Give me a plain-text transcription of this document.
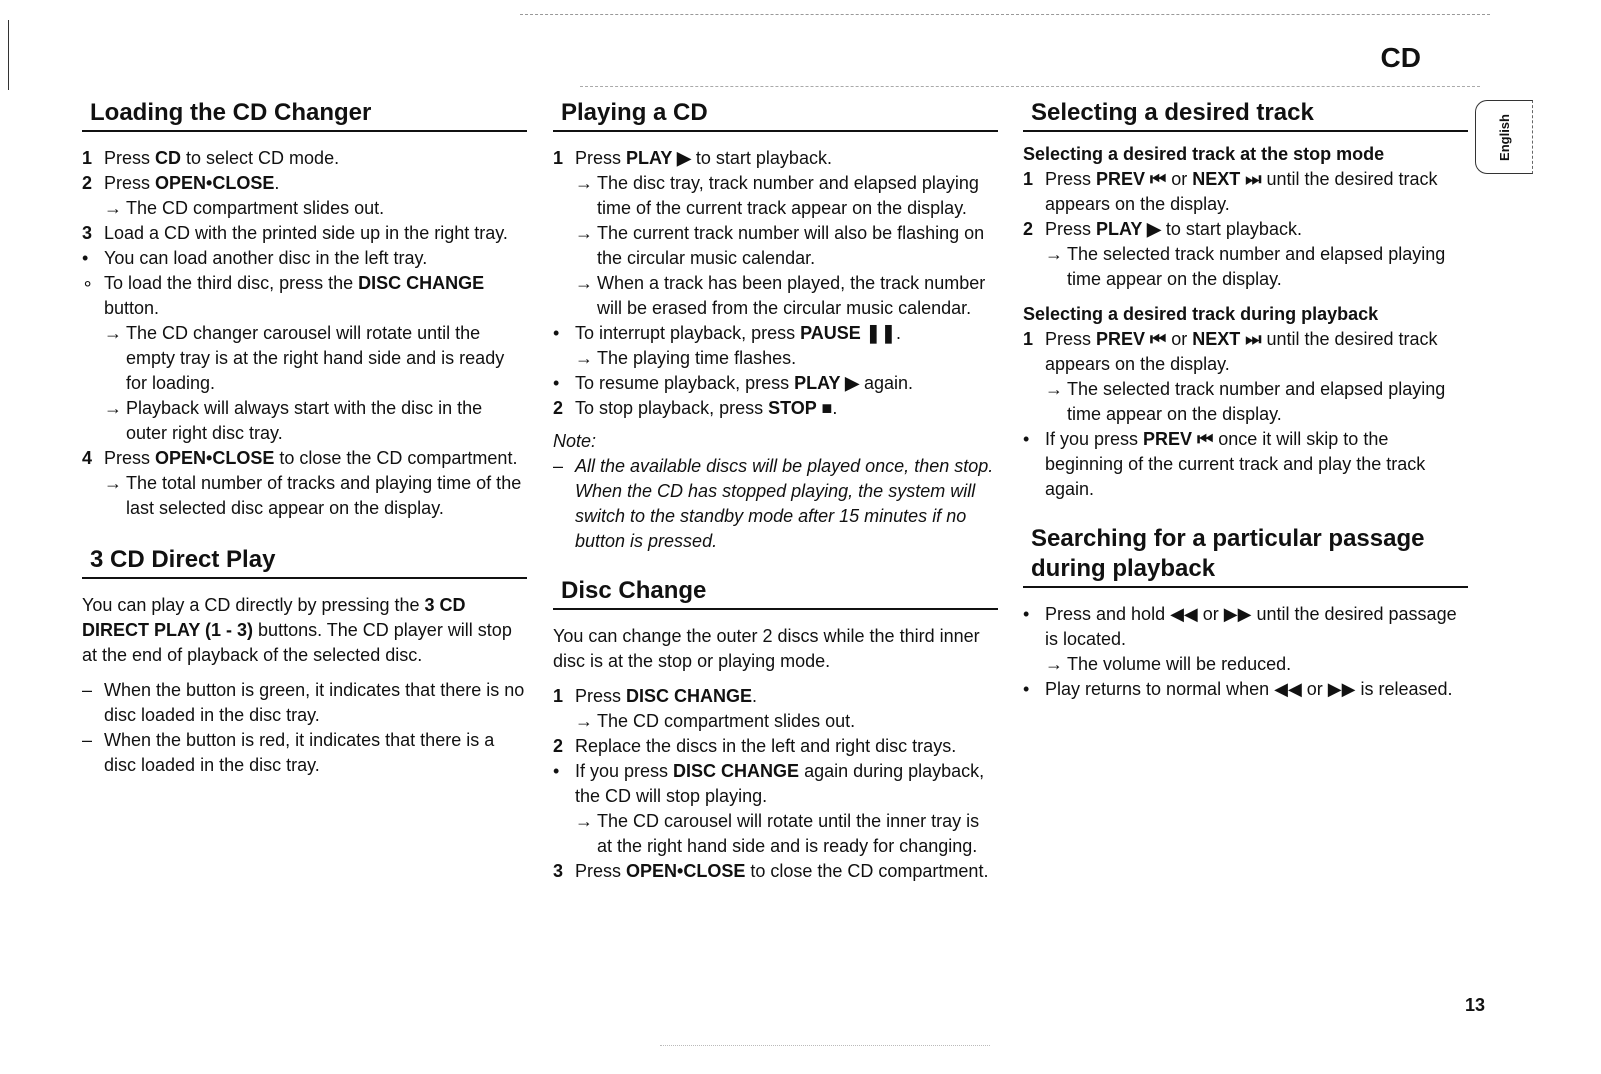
CD
English
Loading the CD Changer
1 Press CD to select CD mode.
2 Press OPEN•CLOSE.
→ The CD compartment slides out.
3 Load a CD with the printed side up in the right tray.
• You can load another disc in the left tray.
∘ To load the third disc, press the DISC CHANGE button.
→ The CD changer carousel will rotate until the empty tray is at the right hand side and is ready for loading.
→ Playback will always start with the disc in the outer right disc tray.
4 Press OPEN•CLOSE to close the CD compartment.
→ The total number of tracks and playing time of the last selected disc appear on the display.
3 CD Direct Play

You can play a CD directly by pressing the 3 CD DIRECT PLAY (1 - 3) buttons. The CD player will stop at the end of playback of the selected disc.

– When the button is green, it indicates that there is no disc loaded in the disc tray.
– When the button is red, it indicates that there is a disc loaded in the disc tray.
Playing a CD
1 Press PLAY ▶ to start playback.
→ The disc tray, track number and elapsed playing time of the current track appear on the display.
→ The current track number will also be flashing on the circular music calendar.
→ When a track has been played, the track number will be erased from the circular music calendar.
• To interrupt playback, press PAUSE ❚❚.
→ The playing time flashes.
• To resume playback, press PLAY ▶ again.
2 To stop playback, press STOP ■.
Note:
– All the available discs will be played once, then stop. When the CD has stopped playing, the system will switch to the standby mode after 15 minutes if no button is pressed.
Disc Change

You can change the outer 2 discs while the third inner disc is at the stop or playing mode.

1 Press DISC CHANGE.
→ The CD compartment slides out.
2 Replace the discs in the left and right disc trays.
• If you press DISC CHANGE again during playback, the CD will stop playing.
→ The CD carousel will rotate until the inner tray is at the right hand side and is ready for changing.
3 Press OPEN•CLOSE to close the CD compartment.
Selecting a desired track
Selecting a desired track at the stop mode
1 Press PREV ⏮ or NEXT ⏭ until the desired track appears on the display.
2 Press PLAY ▶ to start playback.
→ The selected track number and elapsed playing time appear on the display.
Selecting a desired track during playback
1 Press PREV ⏮ or NEXT ⏭ until the desired track appears on the display.
→ The selected track number and elapsed playing time appear on the display.
• If you press PREV ⏮ once it will skip to the beginning of the current track and play the track again.
Searching for a particular passage during playback
• Press and hold ◀◀ or ▶▶ until the desired passage is located.
→ The volume will be reduced.
• Play returns to normal when ◀◀ or ▶▶ is released.
13
